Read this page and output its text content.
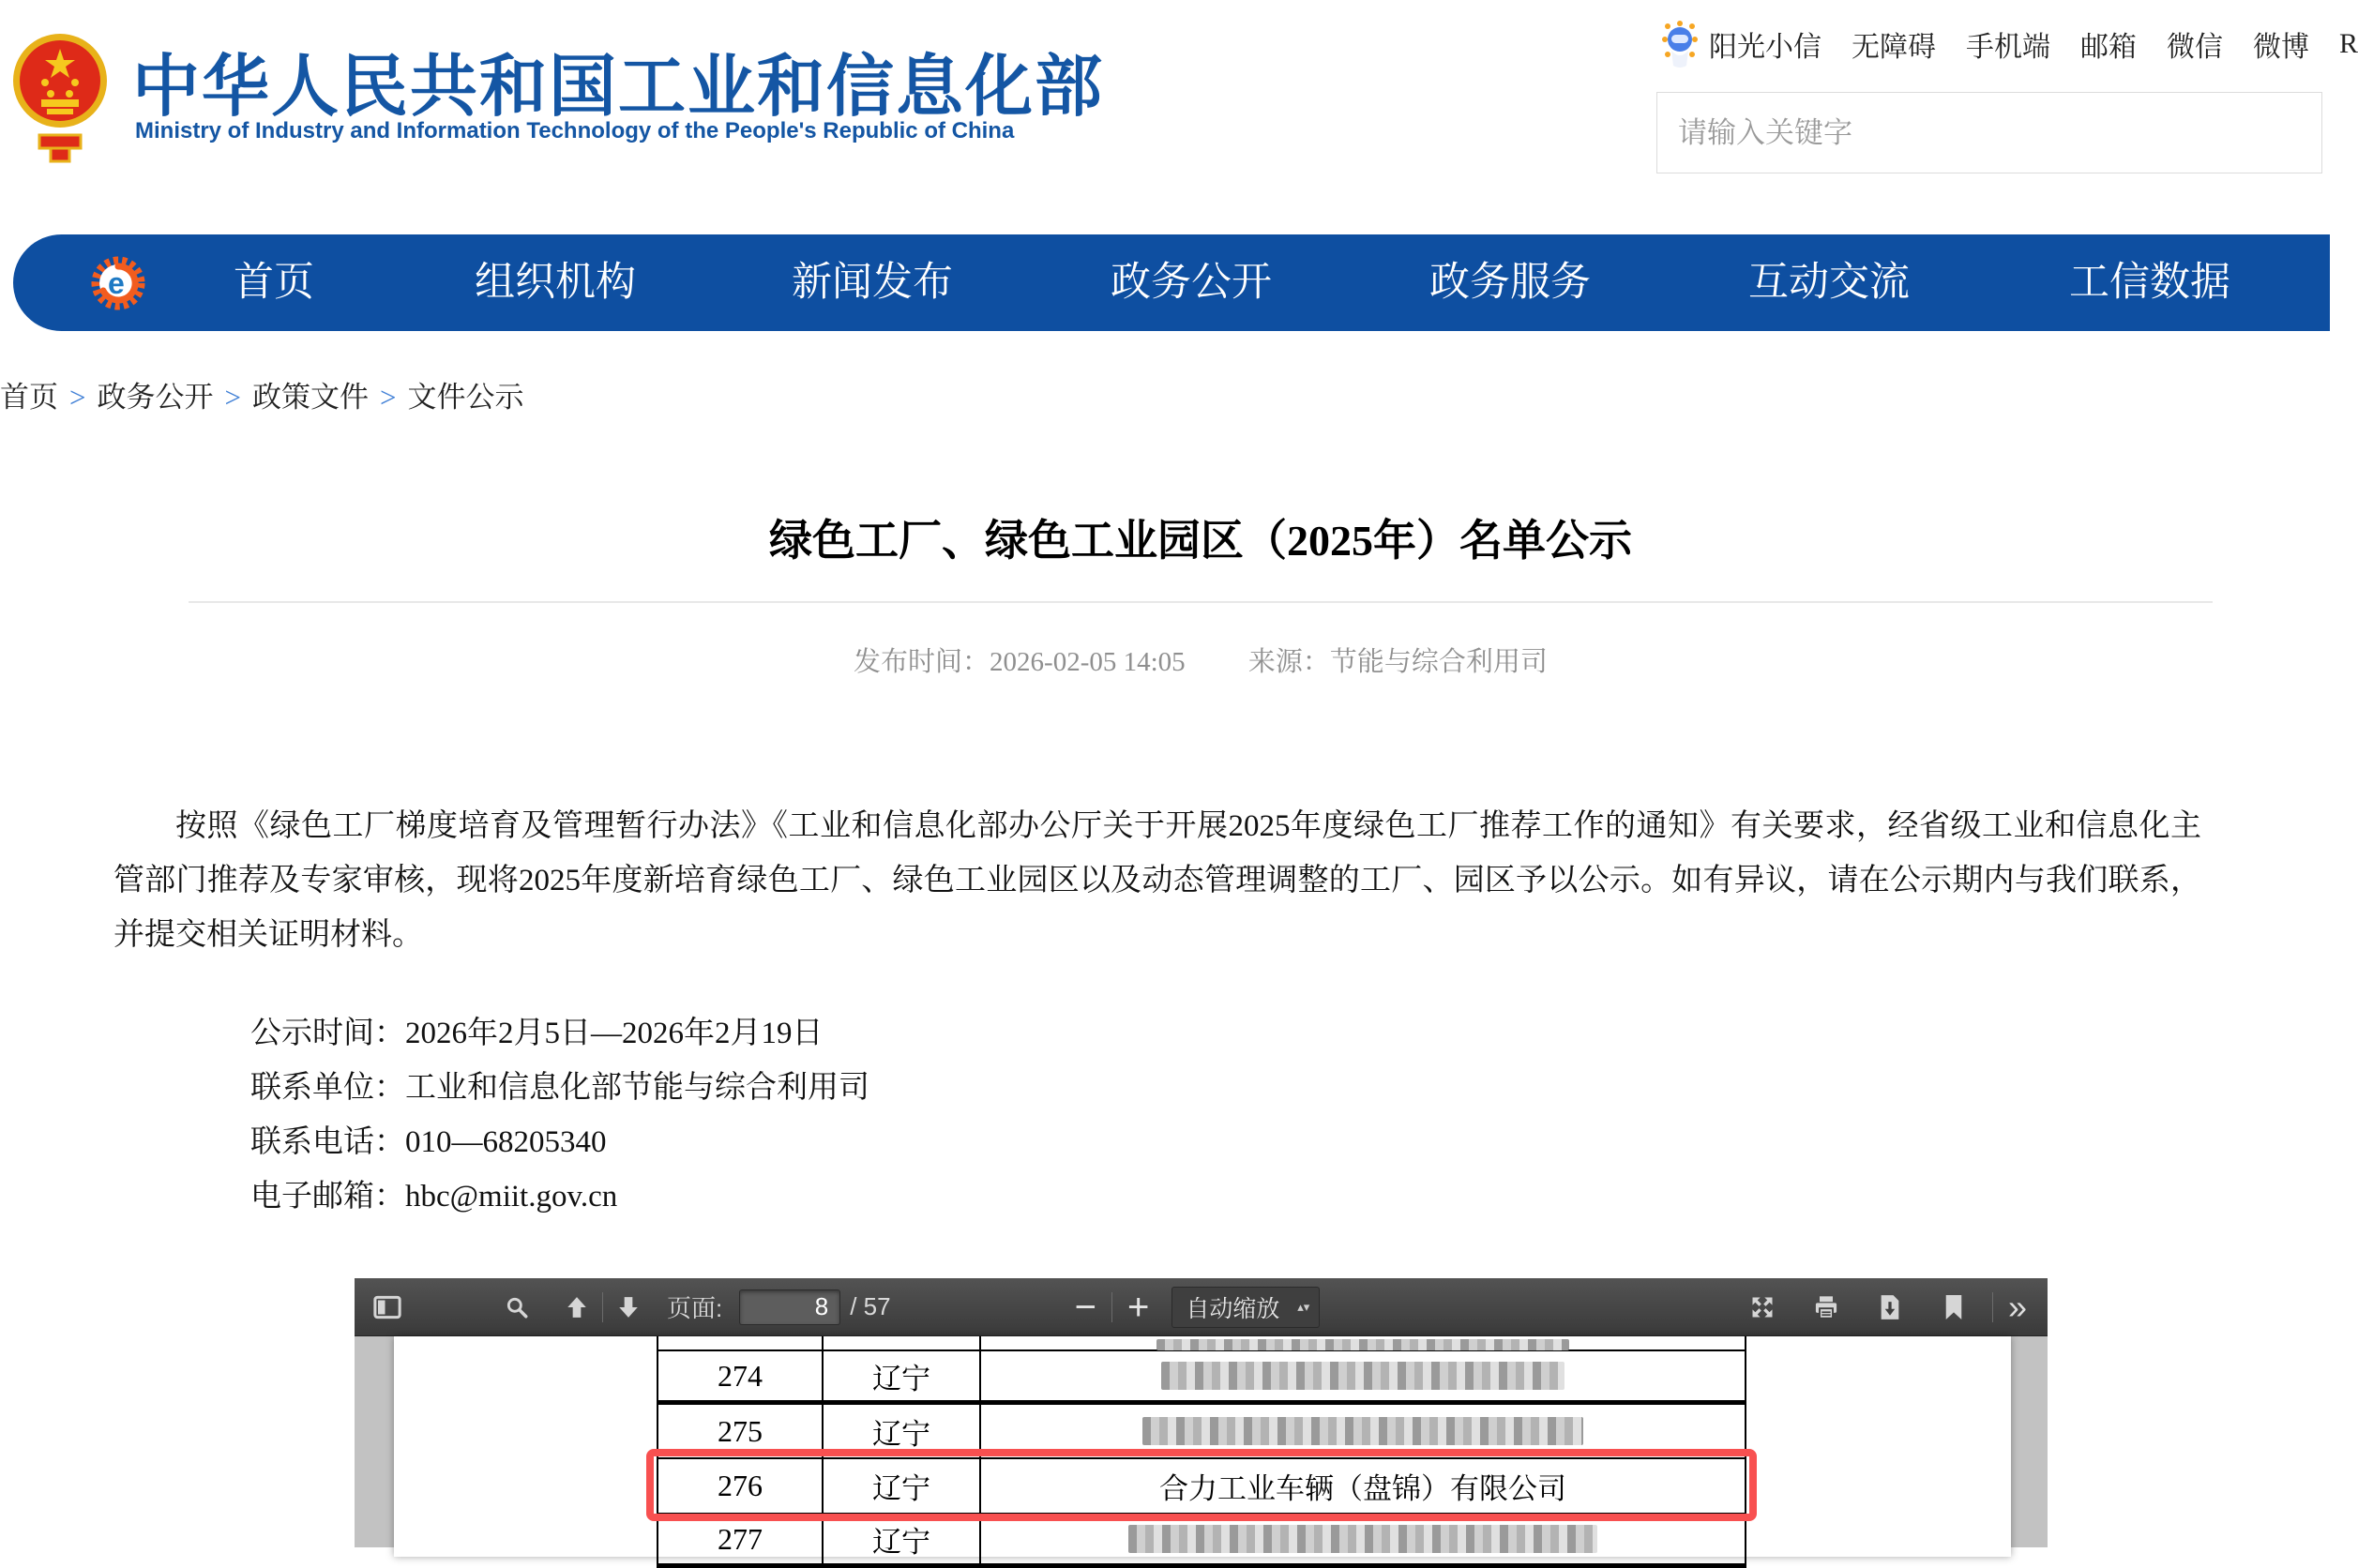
中华人民共和国工业和信息化部
Ministry of Industry and Information Technology of the People's Republic of China
阳光小信 无障碍 手机端 邮箱 微信 微博 R
请输入关键字
e	首页	组织机构	新闻发布	政务公开	政务服务	互动交流	工信数据
首页 > 政务公开 > 政策文件 > 文件公示
绿色工厂、绿色工业园区（2025年）名单公示
发布时间：2026-02-05 14:05 来源：节能与综合利用司
按照《绿色工厂梯度培育及管理暂行办法》《工业和信息化部办公厅关于开展2025年度绿色工厂推荐工作的通知》有关要求，经省级工业和信息化主管部门推荐及专家审核，现将2025年度新培育绿色工厂、绿色工业园区以及动态管理调整的工厂、园区予以公示。如有异议，请在公示期内与我们联系，并提交相关证明材料。
公示时间：2026年2月5日—2026年2月19日
联系单位：工业和信息化部节能与综合利用司
联系电话：010—68205340
电子邮箱：hbc@miit.gov.cn
页面:
8	/ 57	− + 自动缩放 ▴▾	»
274	辽宁
275	辽宁
276	辽宁	合力工业车辆（盘锦）有限公司
277	辽宁
